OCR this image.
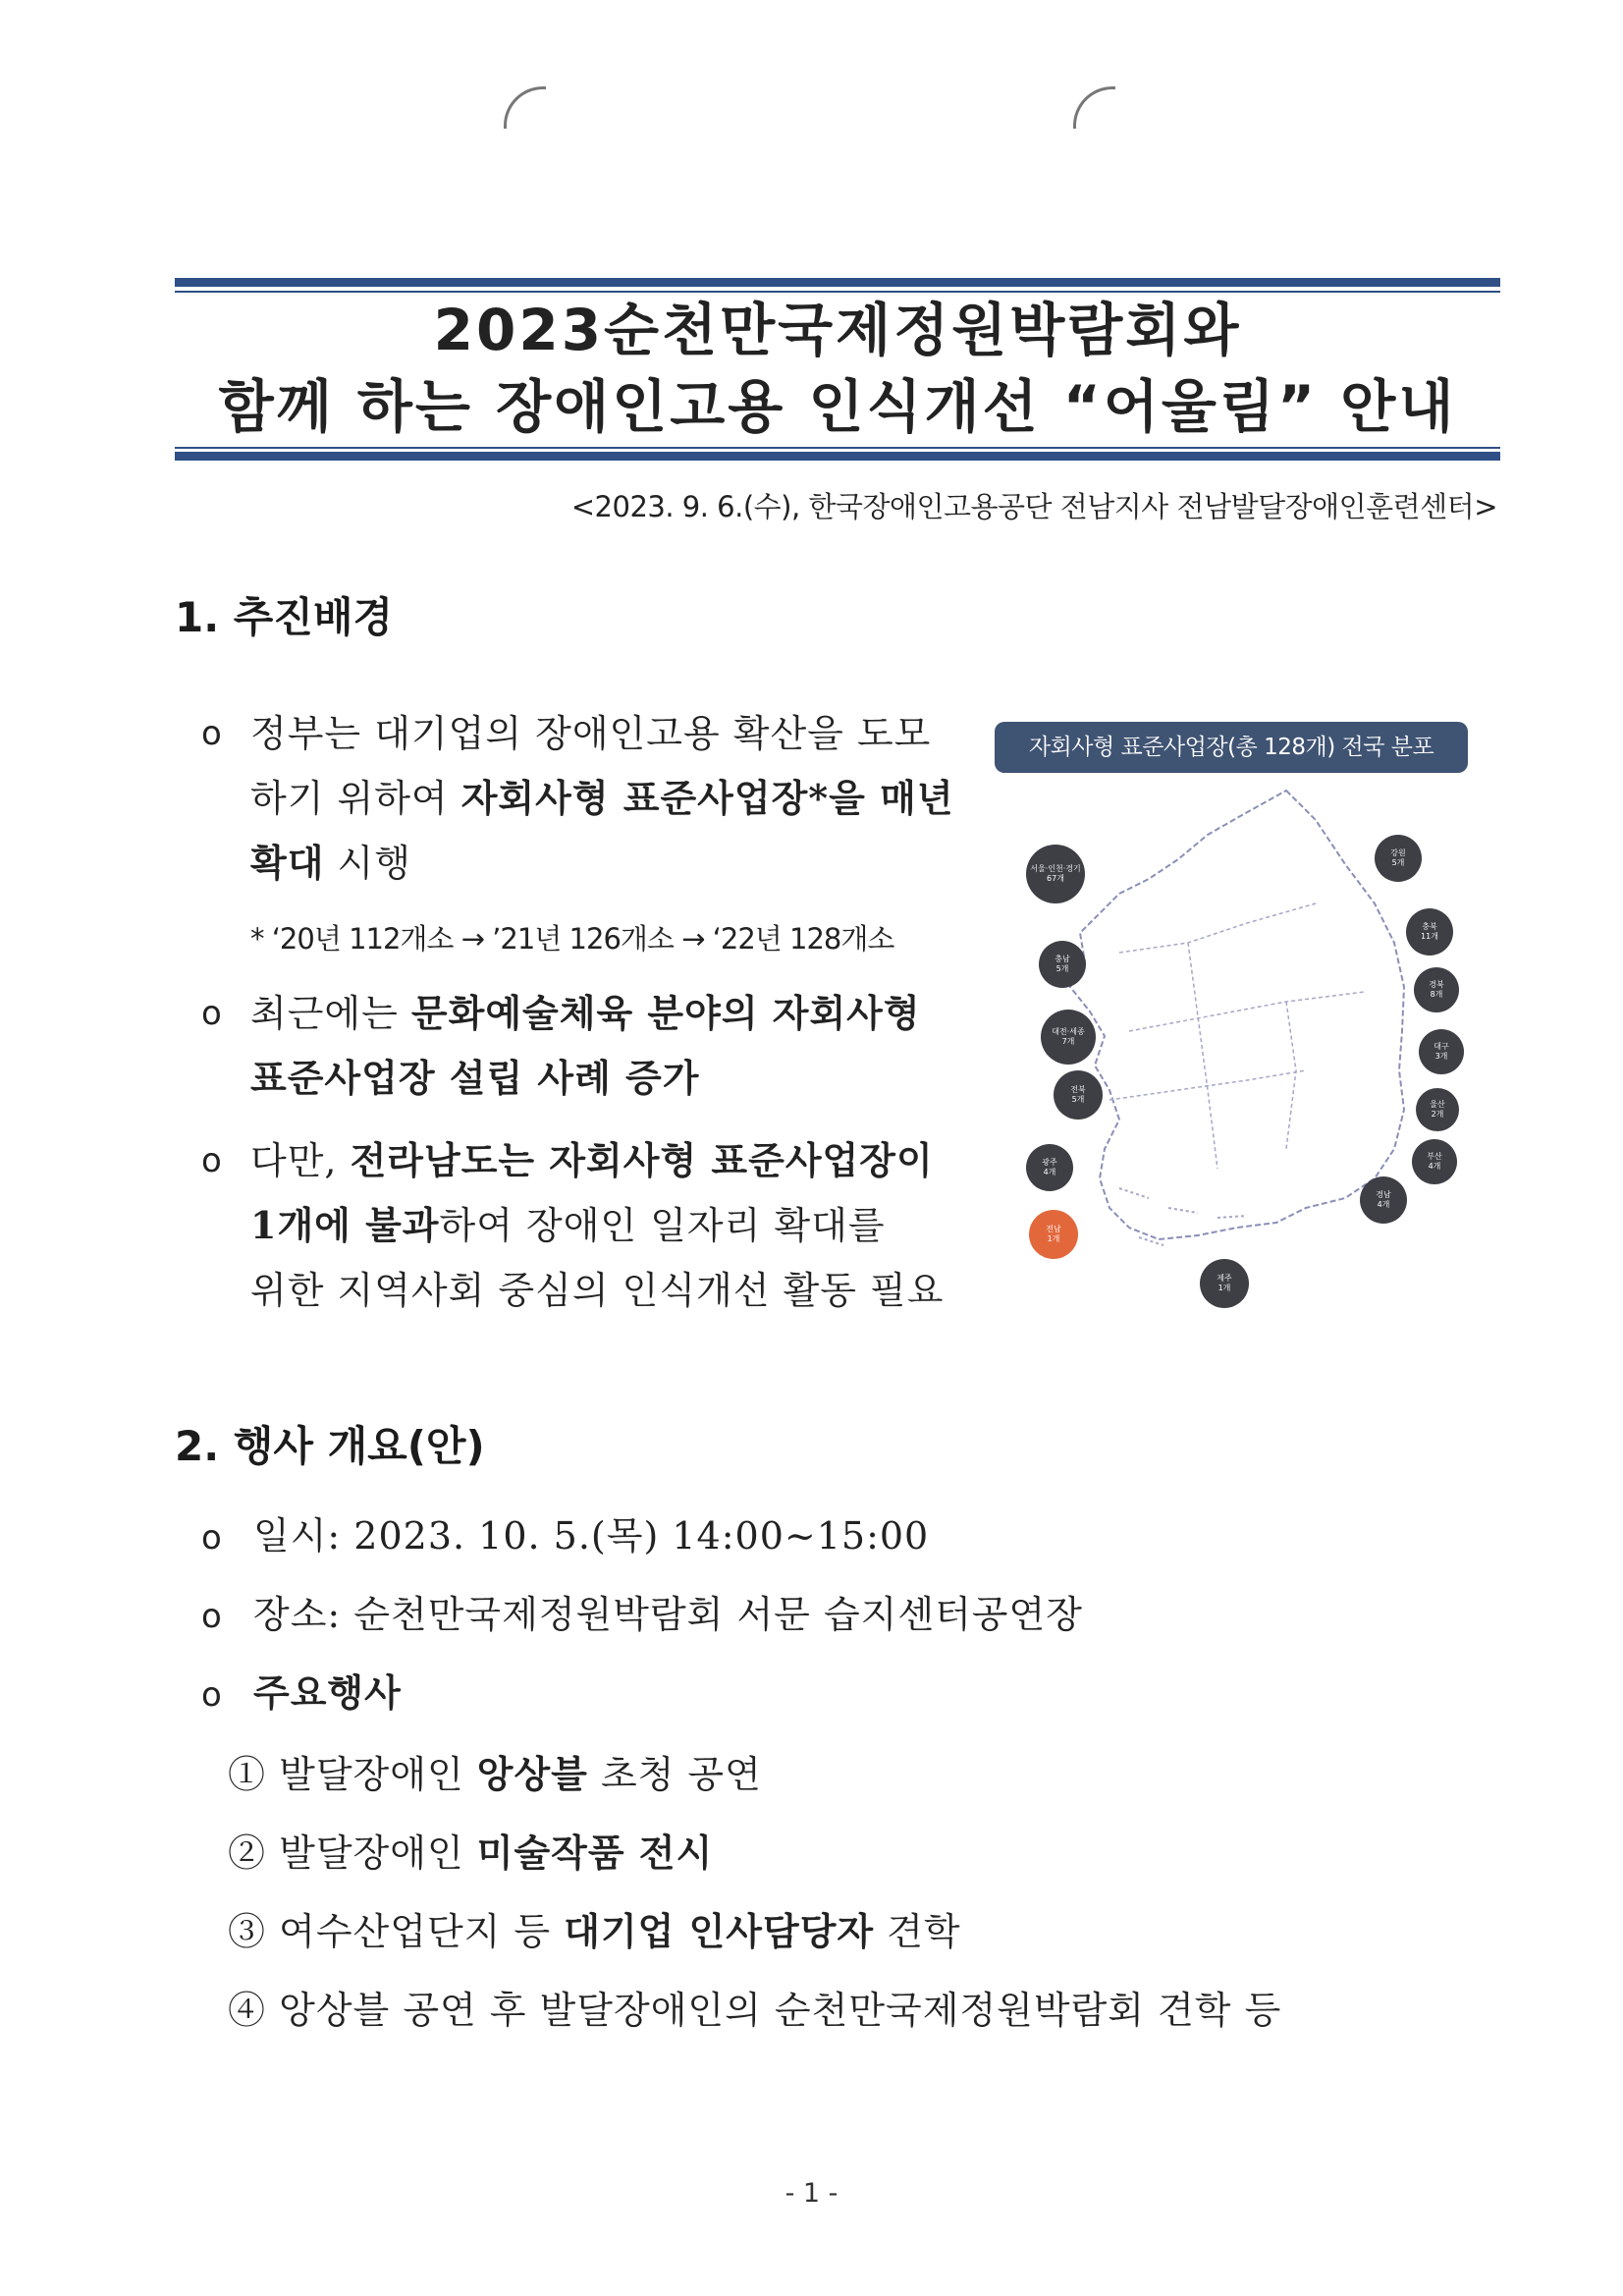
2023순천만국제정원박람회와
함께 하는 장애인고용 인식개선 “어울림” 안내
<2023. 9. 6.(수), 한국장애인고용공단 전남지사 전남발달장애인훈련센터>
1. 추진배경
o 정부는 대기업의 장애인고용 확산을 도모
하기 위하여 자회사형 표준사업장*을 매년
확대 시행
* ‘20년 112개소 → ’21년 126개소 → ‘22년 128개소
o 최근에는 문화예술체육 분야의 자회사형
표준사업장 설립 사례 증가
o 다만, 전라남도는 자회사형 표준사업장이
1개에 불과하여 장애인 일자리 확대를
위한 지역사회 중심의 인식개선 활동 필요
자회사형 표준사업장(총 128개) 전국 분포
서울·인천·경기
67개
강원
5개
충북
11개
충남
5개
경북
8개
대전·세종
7개
대구
3개
전북
5개
울산
2개
광주
4개
부산
4개
전남
1개
경남
4개
제주
1개
2. 행사 개요(안)
o 일시: 2023. 10. 5.(목) 14:00~15:00
o 장소: 순천만국제정원박람회 서문 습지센터공연장
o 주요행사
① 발달장애인 앙상블 초청 공연
② 발달장애인 미술작품 전시
③ 여수산업단지 등 대기업 인사담당자 견학
④ 앙상블 공연 후 발달장애인의 순천만국제정원박람회 견학 등
- 1 -
